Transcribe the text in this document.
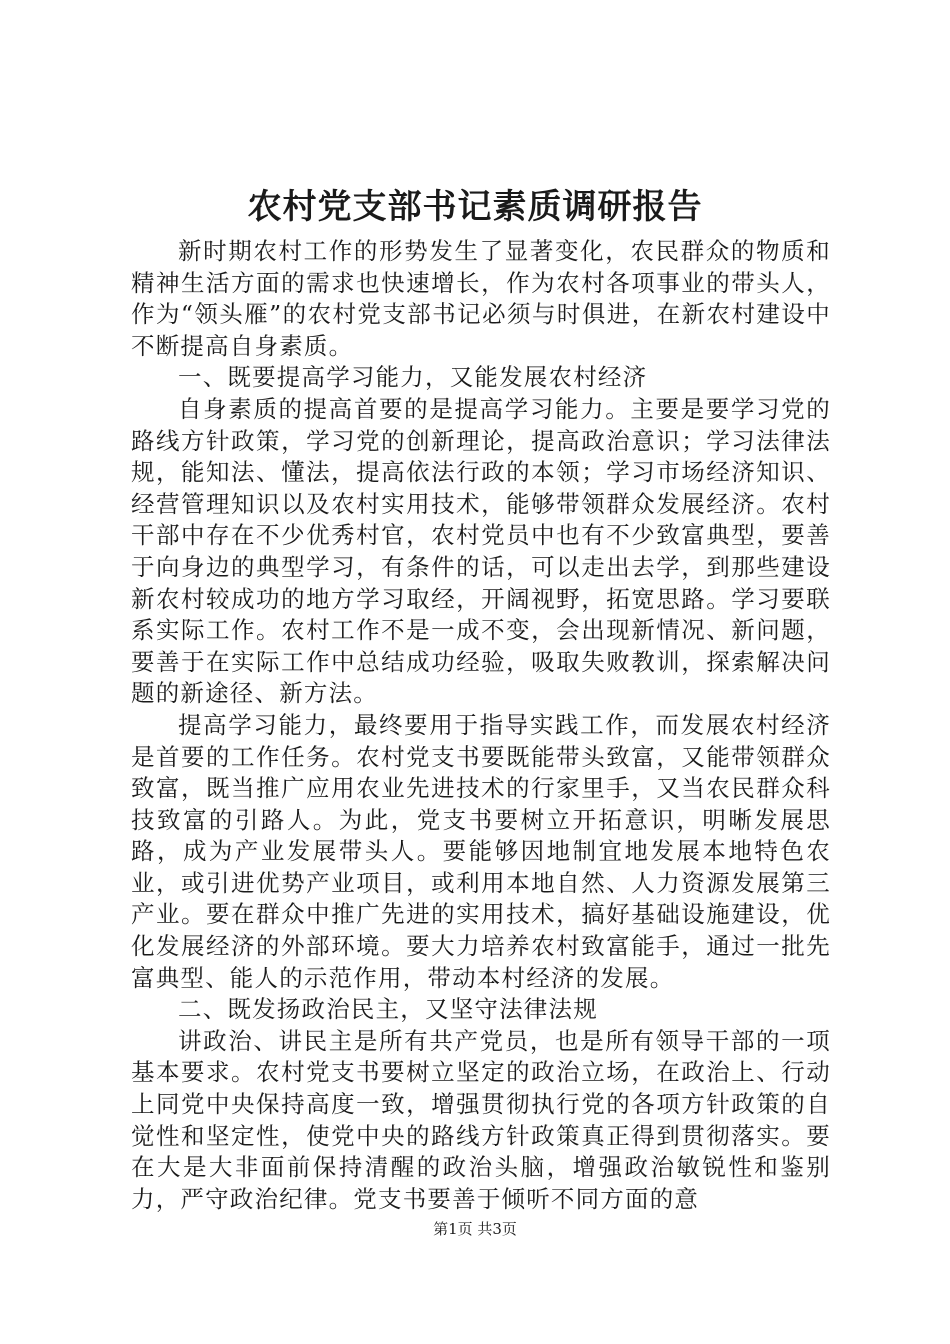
农村党支部书记素质调研报告

新时期农村工作的形势发生了显著变化，农民群众的物质和精神生活方面的需求也快速增长，作为农村各项事业的带头人，作为“领头雁”的农村党支部书记必须与时俱进，在新农村建设中不断提高自身素质。

一、既要提高学习能力，又能发展农村经济

自身素质的提高首要的是提高学习能力。主要是要学习党的路线方针政策，学习党的创新理论，提高政治意识；学习法律法规，能知法、懂法，提高依法行政的本领；学习市场经济知识、经营管理知识以及农村实用技术，能够带领群众发展经济。农村干部中存在不少优秀村官，农村党员中也有不少致富典型，要善于向身边的典型学习，有条件的话，可以走出去学，到那些建设新农村较成功的地方学习取经，开阔视野，拓宽思路。学习要联系实际工作。农村工作不是一成不变，会出现新情况、新问题，要善于在实际工作中总结成功经验，吸取失败教训，探索解决问题的新途径、新方法。

提高学习能力，最终要用于指导实践工作，而发展农村经济是首要的工作任务。农村党支书要既能带头致富，又能带领群众致富，既当推广应用农业先进技术的行家里手，又当农民群众科技致富的引路人。为此，党支书要树立开拓意识，明晰发展思路，成为产业发展带头人。要能够因地制宜地发展本地特色农业，或引进优势产业项目，或利用本地自然、人力资源发展第三产业。要在群众中推广先进的实用技术，搞好基础设施建设，优化发展经济的外部环境。要大力培养农村致富能手，通过一批先富典型、能人的示范作用，带动本村经济的发展。

二、既发扬政治民主，又坚守法律法规

讲政治、讲民主是所有共产党员，也是所有领导干部的一项基本要求。农村党支书要树立坚定的政治立场，在政治上、行动上同党中央保持高度一致，增强贯彻执行党的各项方针政策的自觉性和坚定性，使党中央的路线方针政策真正得到贯彻落实。要在大是大非面前保持清醒的政治头脑，增强政治敏锐性和鉴别力，严守政治纪律。党支书要善于倾听不同方面的意

第1页 共3页
